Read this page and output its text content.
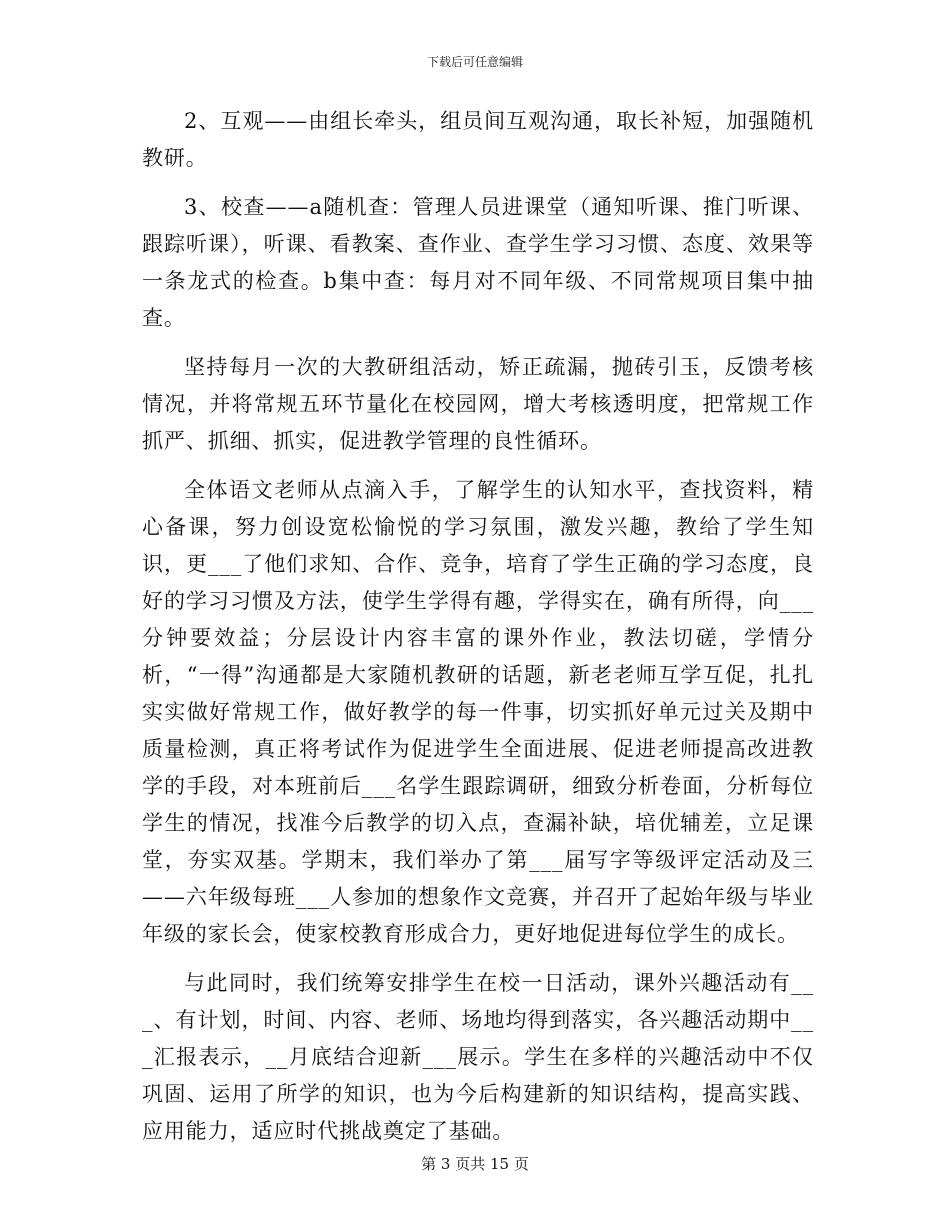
下载后可任意编辑

2、互观——由组长牵头，组员间互观沟通，取长补短，加强随机教研。

3、校查——a随机查：管理人员进课堂（通知听课、推门听课、跟踪听课），听课、看教案、查作业、查学生学习习惯、态度、效果等一条龙式的检查。b集中查：每月对不同年级、不同常规项目集中抽查。

坚持每月一次的大教研组活动，矫正疏漏，抛砖引玉，反馈考核情况，并将常规五环节量化在校园网，增大考核透明度，把常规工作抓严、抓细、抓实，促进教学管理的良性循环。

全体语文老师从点滴入手，了解学生的认知水平，查找资料，精心备课，努力创设宽松愉悦的学习氛围，激发兴趣，教给了学生知识，更___了他们求知、合作、竞争，培育了学生正确的学习态度，良好的学习习惯及方法，使学生学得有趣，学得实在，确有所得，向___分钟要效益；分层设计内容丰富的课外作业，教法切磋，学情分析，“一得”沟通都是大家随机教研的话题，新老老师互学互促，扎扎实实做好常规工作，做好教学的每一件事，切实抓好单元过关及期中质量检测，真正将考试作为促进学生全面进展、促进老师提高改进教学的手段，对本班前后___名学生跟踪调研，细致分析卷面，分析每位学生的情况，找准今后教学的切入点，查漏补缺，培优辅差，立足课堂，夯实双基。学期末，我们举办了第___届写字等级评定活动及三——六年级每班___人参加的想象作文竞赛，并召开了起始年级与毕业年级的家长会，使家校教育形成合力，更好地促进每位学生的成长。

与此同时，我们统筹安排学生在校一日活动，课外兴趣活动有___、有计划，时间、内容、老师、场地均得到落实，各兴趣活动期中___汇报表示，__月底结合迎新___展示。学生在多样的兴趣活动中不仅巩固、运用了所学的知识，也为今后构建新的知识结构，提高实践、应用能力，适应时代挑战奠定了基础。

第 3 页共 15 页
